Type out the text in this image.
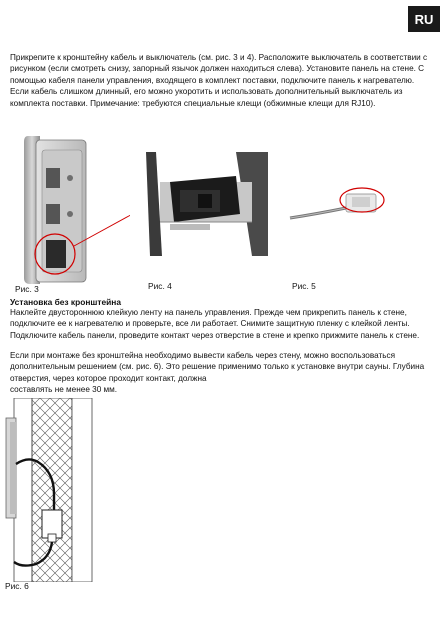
RU

Прикрепите к кронштейну кабель и выключатель (см. рис. 3 и 4). Расположите выключатель в соответствии с рисунком (если смотреть снизу, запорный язычок должен находиться слева). Установите панель на стене. С помощью кабеля панели управления, входящего в комплект поставки, подключите панель к нагревателю. Если кабель слишком длинный, его можно укоротить и использовать дополнительный выключатель из комплекта поставки. Примечание: требуются специальные клещи (обжимные клещи для RJ10).

Рис. 3	Рис. 4	Рис. 5

Установка без кронштейна

Наклейте двустороннюю клейкую ленту на панель управления. Прежде чем прикрепить панель к стене, подключите ее к нагревателю и проверьте, все ли работает. Снимите защитную пленку с клейкой ленты. Подключите кабель панели, проведите контакт через отверстие в стене и крепко прижмите панель к стене.

Если при монтаже без кронштейна необходимо вывести кабель через стену, можно воспользоваться дополнительным решением (см. рис. 6). Это решение применимо только к установке внутри сауны. Глубина отверстия, через которое проходит контакт, должна

составлять не менее 30 мм.

Рис. 6
